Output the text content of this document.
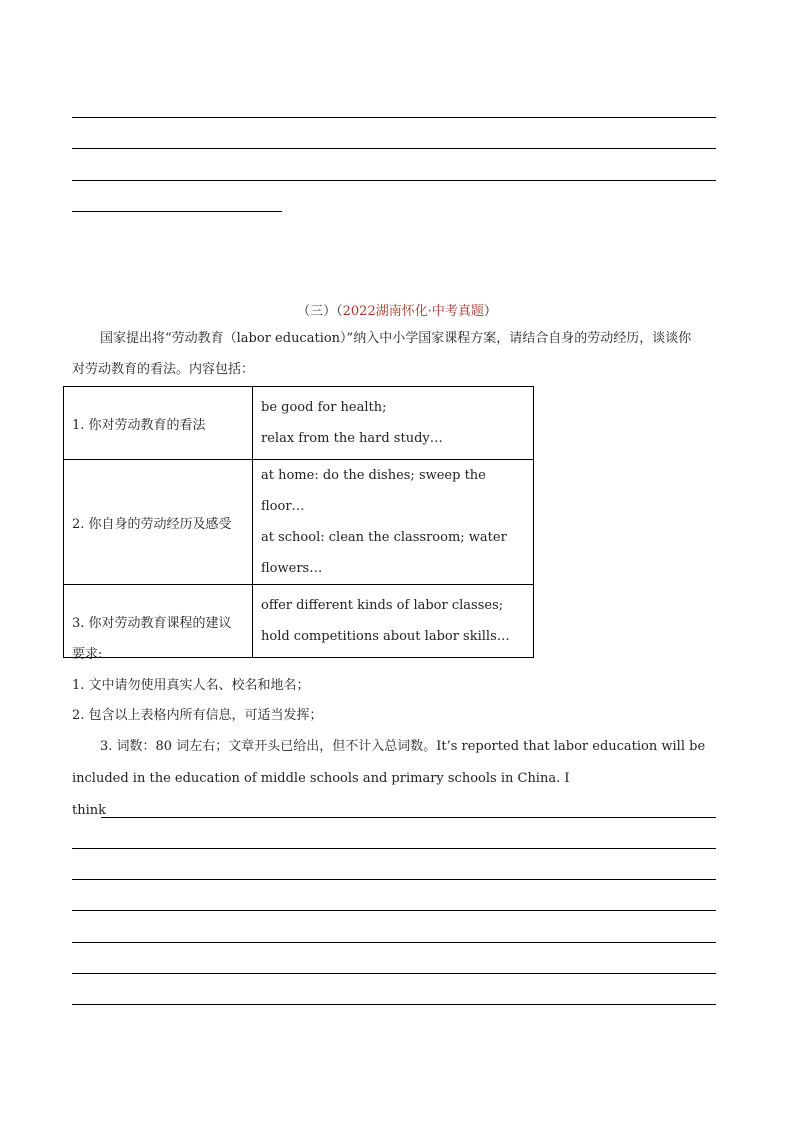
（三）（2022湖南怀化·中考真题）
国家提出将“劳动教育（labor education）”纳入中小学国家课程方案，请结合自身的劳动经历，谈谈你
对劳动教育的看法。内容包括：
1. 你对劳动教育的看法	be good for health;
relax from the hard study…

2. 你自身的劳动经历及感受	at home: do the dishes; sweep the floor…
at school: clean the classroom; water flowers…

3. 你对劳动教育课程的建议	offer different kinds of labor classes;
hold competitions about labor skills…
要求:
1. 文中请勿使用真实人名、校名和地名；
2. 包含以上表格内所有信息，可适当发挥；
3. 词数：80 词左右；文章开头已给出，但不计入总词数。It’s reported that labor education will be
included in the education of middle schools and primary schools in China. I
think
